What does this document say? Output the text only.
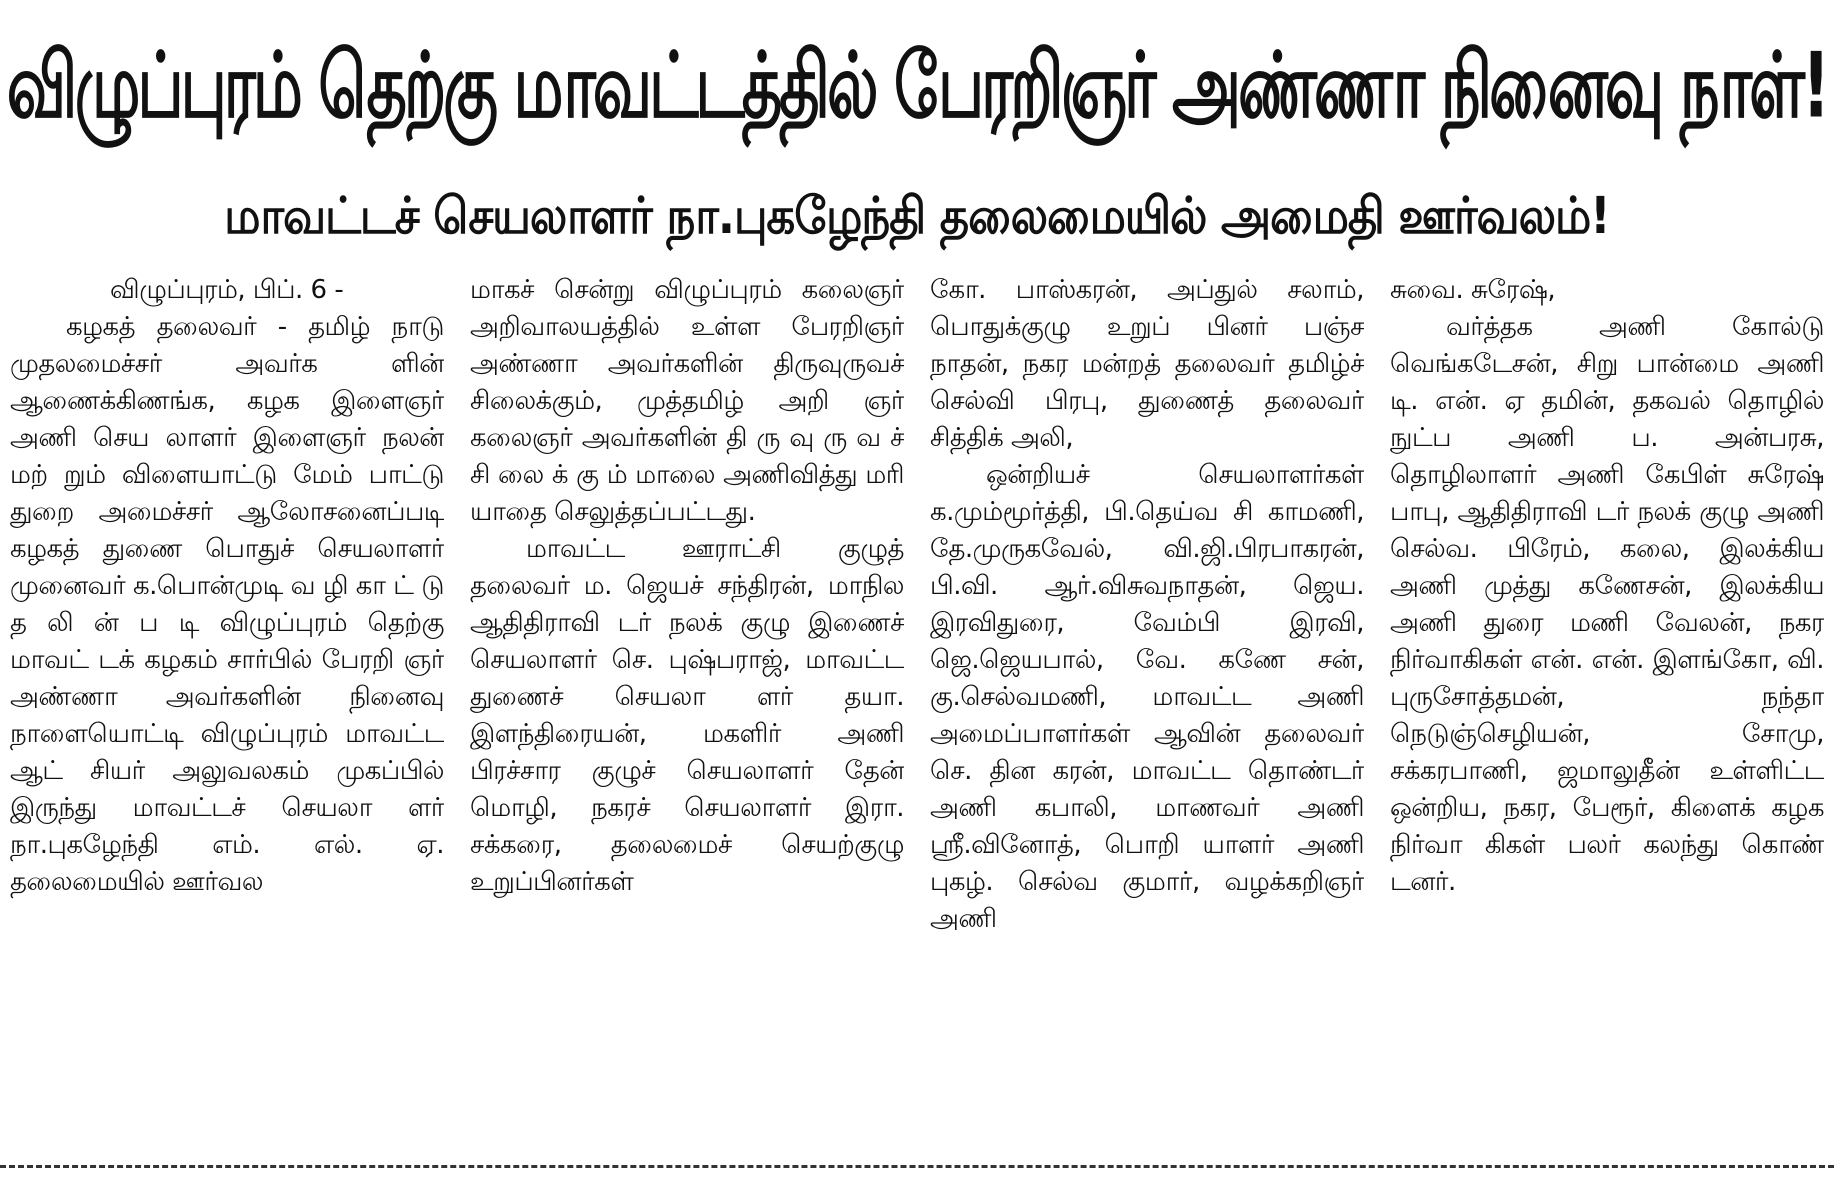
விழுப்புரம் தெற்கு மாவட்டத்தில் பேரறிஞர் அண்ணா நினைவு நாள்!
மாவட்டச் செயலாளர் நா.புகழேந்தி தலைமையில் அமைதி ஊர்வலம்!

விழுப்புரம், பிப். 6 -

கழகத் தலைவர் - தமிழ் நாடு முதலமைச்சர் அவர்க ளின் ஆணைக்கிணங்க, கழக இளைஞர் அணி செய லாளர் இளைஞர் நலன் மற் றும் விளையாட்டு மேம் பாட்டு துறை அமைச்சர் ஆலோசனைப்படி கழகத் துணை பொதுச் செயலாளர் முனைவர் க.பொன்முடி வ ழி கா ட் டு த லி ன் ப டி விழுப்புரம் தெற்கு மாவட் டக் கழகம் சார்பில் பேரறி ஞர் அண்ணா அவர்களின் நினைவு நாளையொட்டி விழுப்புரம் மாவட்ட ஆட் சியர் அலுவலகம் முகப்பில் இருந்து மாவட்டச் செயலா ளர் நா.புகழேந்தி எம். எல். ஏ. தலைமையில் ஊர்வல

மாகச் சென்று விழுப்புரம் கலைஞர் அறிவாலயத்தில் உள்ள பேரறிஞர் அண்ணா அவர்களின் திருவுருவச் சிலைக்கும், முத்தமிழ் அறி ஞர் கலைஞர் அவர்களின் தி ரு வு ரு வ ச் சி லை க் கு ம் மாலை அணிவித்து மரி யாதை செலுத்தப்பட்டது.

மாவட்ட ஊராட்சி குழுத் தலைவர் ம. ஜெயச் சந்திரன், மாநில ஆதிதிராவி டர் நலக் குழு இணைச் செயலாளர் செ. புஷ்பராஜ், மாவட்ட துணைச் செயலா ளர் தயா. இளந்திரையன், மகளிர் அணி பிரச்சார குழுச் செயலாளர் தேன் மொழி, நகரச் செயலாளர் இரா. சக்கரை, தலைமைச் செயற்குழு உறுப்பினர்கள்

கோ. பாஸ்கரன், அப்துல் சலாம், பொதுக்குழு உறுப் பினர் பஞ்ச நாதன், நகர மன்றத் தலைவர் தமிழ்ச் செல்வி பிரபு, துணைத் தலைவர் சித்திக் அலி,

ஒன்றியச் செயலாளர்கள் க.மும்மூர்த்தி, பி.தெய்வ சி காமணி, தே.முருகவேல், வி.ஜி.பிரபாகரன், பி.வி. ஆர்.விசுவநாதன், ஜெய. இரவிதுரை, வேம்பி இரவி, ஜெ.ஜெயபால், வே. கணே சன், கு.செல்வமணி, மாவட்ட அணி அமைப்பாளர்கள் ஆவின் தலைவர் செ. தின கரன், மாவட்ட தொண்டர் அணி கபாலி, மாணவர் அணி ஸ்ரீ.வினோத், பொறி யாளர் அணி புகழ். செல்வ குமார், வழக்கறிஞர் அணி

சுவை. சுரேஷ்,

வர்த்தக அணி கோல்டு வெங்கடேசன், சிறு பான்மை அணி டி. என். ஏ தமின், தகவல் தொழில் நுட்ப அணி ப. அன்பரசு, தொழிலாளர் அணி கேபிள் சுரேஷ் பாபு, ஆதிதிராவி டர் நலக் குழு அணி செல்வ. பிரேம், கலை, இலக்கிய அணி முத்து கணேசன், இலக்கிய அணி துரை மணி வேலன், நகர நிர்வாகிகள் என். என். இளங்கோ, வி. புருசோத்தமன், நந்தா நெடுஞ்செழியன், சோமு, சக்கரபாணி, ஜமாலுதீன் உள்ளிட்ட ஒன்றிய, நகர, பேரூர், கிளைக் கழக நிர்வா கிகள் பலர் கலந்து கொண் டனர்.
